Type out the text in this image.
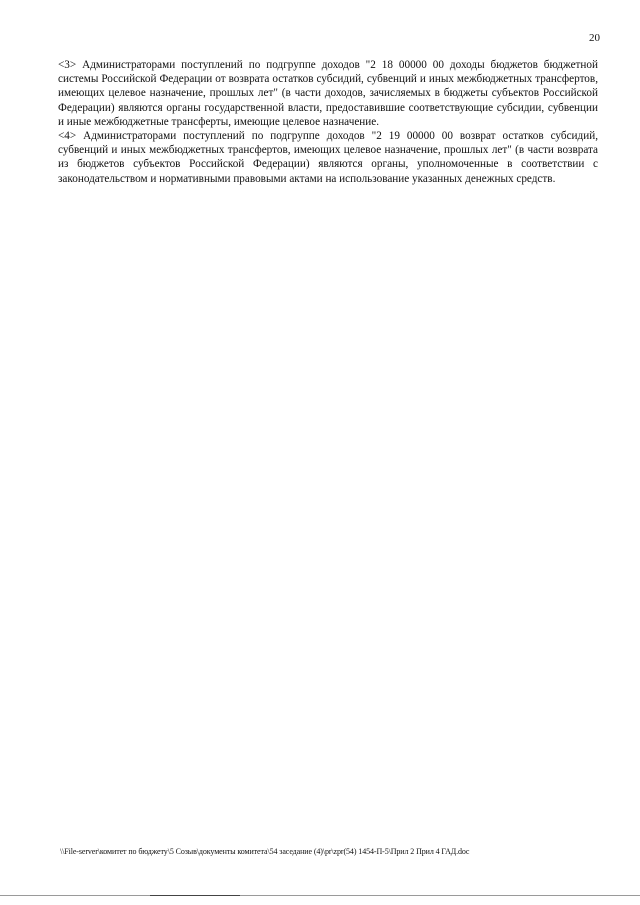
20

<3> Администраторами поступлений по подгруппе доходов "2 18 00000 00 доходы бюджетов бюджетной системы Российской Федерации от возврата остатков субсидий, субвенций и иных межбюджетных трансфертов, имеющих целевое назначение, прошлых лет" (в части доходов, зачисляемых в бюджеты субъектов Российской Федерации) являются органы государственной власти, предоставившие соответствующие субсидии, субвенции и иные межбюджетные трансферты, имеющие целевое назначение.

<4> Администраторами поступлений по подгруппе доходов "2 19 00000 00 возврат остатков субсидий, субвенций и иных межбюджетных трансфертов, имеющих целевое назначение, прошлых лет" (в части возврата из бюджетов субъектов Российской Федерации) являются органы, уполномоченные в соответствии с законодательством и нормативными правовыми актами на использование указанных денежных средств.

\\File-server\комитет по бюджету\5 Созыв\документы комитета\54 заседание (4)\pr\zpr(54) 1454-П-5\Прил 2 Прил 4 ГАД.doc
